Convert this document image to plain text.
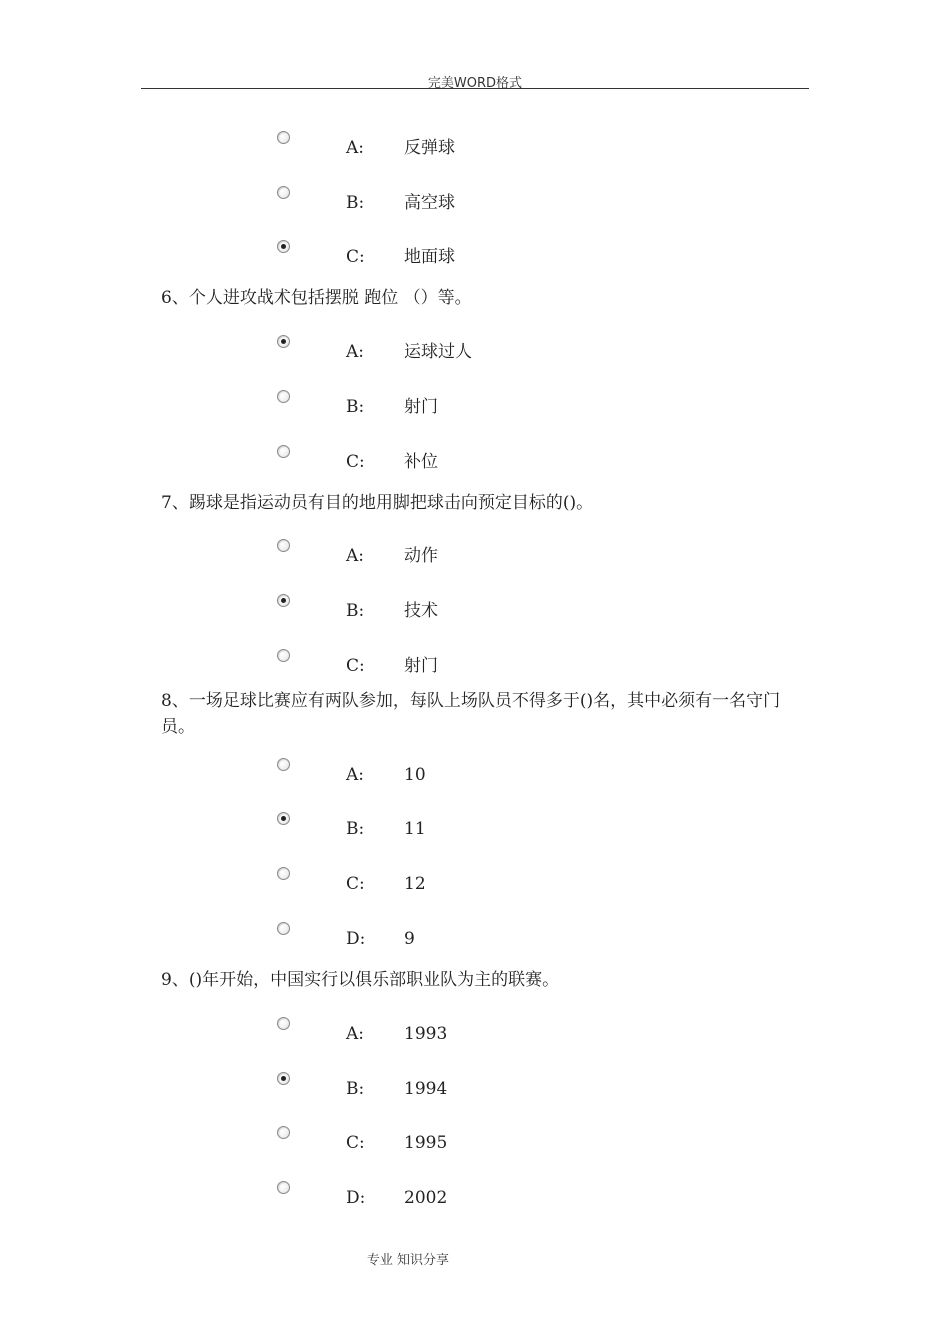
完美WORD格式
A: 反弹球
B: 高空球
C: 地面球
6、个人进攻战术包括摆脱 跑位 （）等。
A: 运球过人
B: 射门
C: 补位
7、踢球是指运动员有目的地用脚把球击向预定目标的()。
A: 动作
B: 技术
C: 射门
8、一场足球比赛应有两队参加，每队上场队员不得多于()名，其中必须有一名守门员。
A: 10
B: 11
C: 12
D: 9
9、()年开始，中国实行以俱乐部职业队为主的联赛。
A: 1993
B: 1994
C: 1995
D: 2002
专业 知识分享
